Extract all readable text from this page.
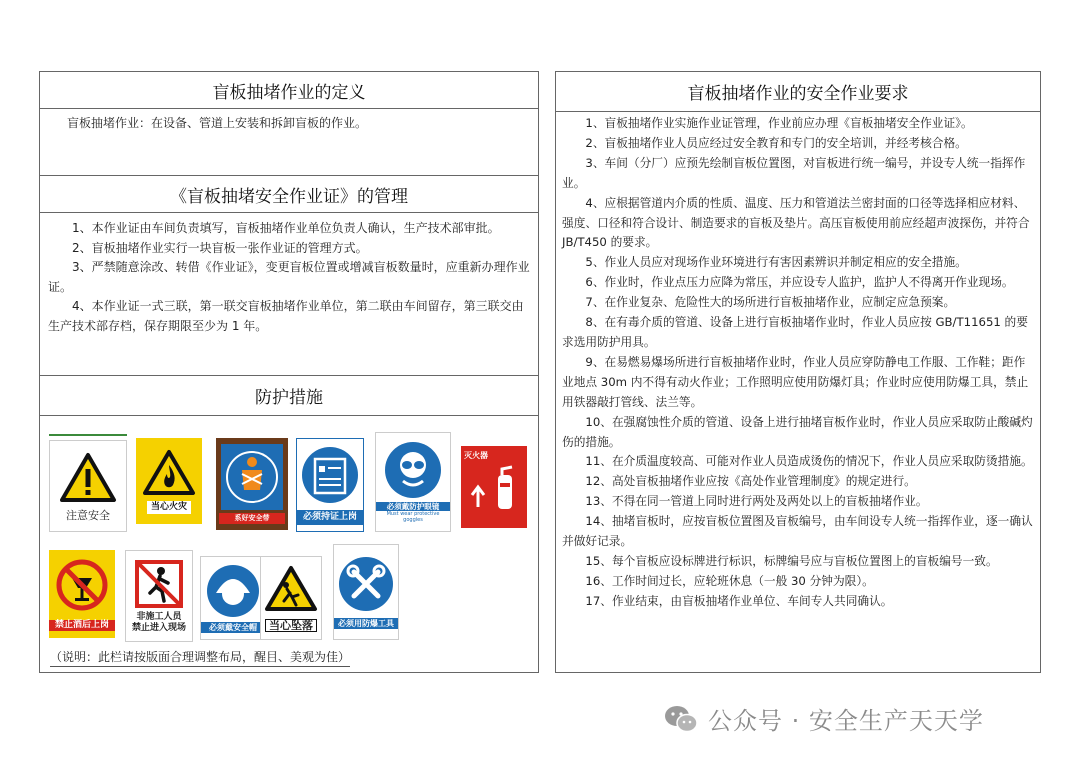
盲板抽堵作业的定义

盲板抽堵作业：在设备、管道上安装和拆卸盲板的作业。

《盲板抽堵安全作业证》的管理

1、本作业证由车间负责填写，盲板抽堵作业单位负责人确认，生产技术部审批。

2、盲板抽堵作业实行一块盲板一张作业证的管理方式。

3、严禁随意涂改、转借《作业证》，变更盲板位置或增减盲板数量时，应重新办理作业证。

4、本作业证一式三联，第一联交盲板抽堵作业单位，第二联由车间留存，第三联交由生产技术部存档，保存期限至少为 1 年。

防护措施
注意安全
当心火灾
系好安全带	必须持证上岗
必须戴防护眼镜
Must wear protective goggles
灭火器
禁止酒后上岗
非施工人员
禁止进入现场	必须戴安全帽	当心坠落	必须用防爆工具
（说明：此栏请按版面合理调整布局，醒目、美观为佳）
盲板抽堵作业的安全作业要求

1、盲板抽堵作业实施作业证管理，作业前应办理《盲板抽堵安全作业证》。

2、盲板抽堵作业人员应经过安全教育和专门的安全培训，并经考核合格。

3、车间（分厂）应预先绘制盲板位置图，对盲板进行统一编号，并设专人统一指挥作业。

4、应根据管道内介质的性质、温度、压力和管道法兰密封面的口径等选择相应材料、强度、口径和符合设计、制造要求的盲板及垫片。高压盲板使用前应经超声波探伤，并符合 JB/T450 的要求。

5、作业人员应对现场作业环境进行有害因素辨识并制定相应的安全措施。

6、作业时，作业点压力应降为常压，并应设专人监护，监护人不得离开作业现场。

7、在作业复杂、危险性大的场所进行盲板抽堵作业，应制定应急预案。

8、在有毒介质的管道、设备上进行盲板抽堵作业时，作业人员应按 GB/T11651 的要求选用防护用具。

9、在易燃易爆场所进行盲板抽堵作业时，作业人员应穿防静电工作服、工作鞋；距作业地点 30m 内不得有动火作业；工作照明应使用防爆灯具；作业时应使用防爆工具，禁止用铁器敲打管线、法兰等。

10、在强腐蚀性介质的管道、设备上进行抽堵盲板作业时，作业人员应采取防止酸碱灼伤的措施。

11、在介质温度较高、可能对作业人员造成烫伤的情况下，作业人员应采取防烫措施。

12、高处盲板抽堵作业应按《高处作业管理制度》的规定进行。

13、不得在同一管道上同时进行两处及两处以上的盲板抽堵作业。

14、抽堵盲板时，应按盲板位置图及盲板编号，由车间设专人统一指挥作业，逐一确认并做好记录。

15、每个盲板应设标牌进行标识，标牌编号应与盲板位置图上的盲板编号一致。

16、工作时间过长，应轮班休息（一般 30 分钟为限）。

17、作业结束，由盲板抽堵作业单位、车间专人共同确认。

公众号 · 安全生产天天学
